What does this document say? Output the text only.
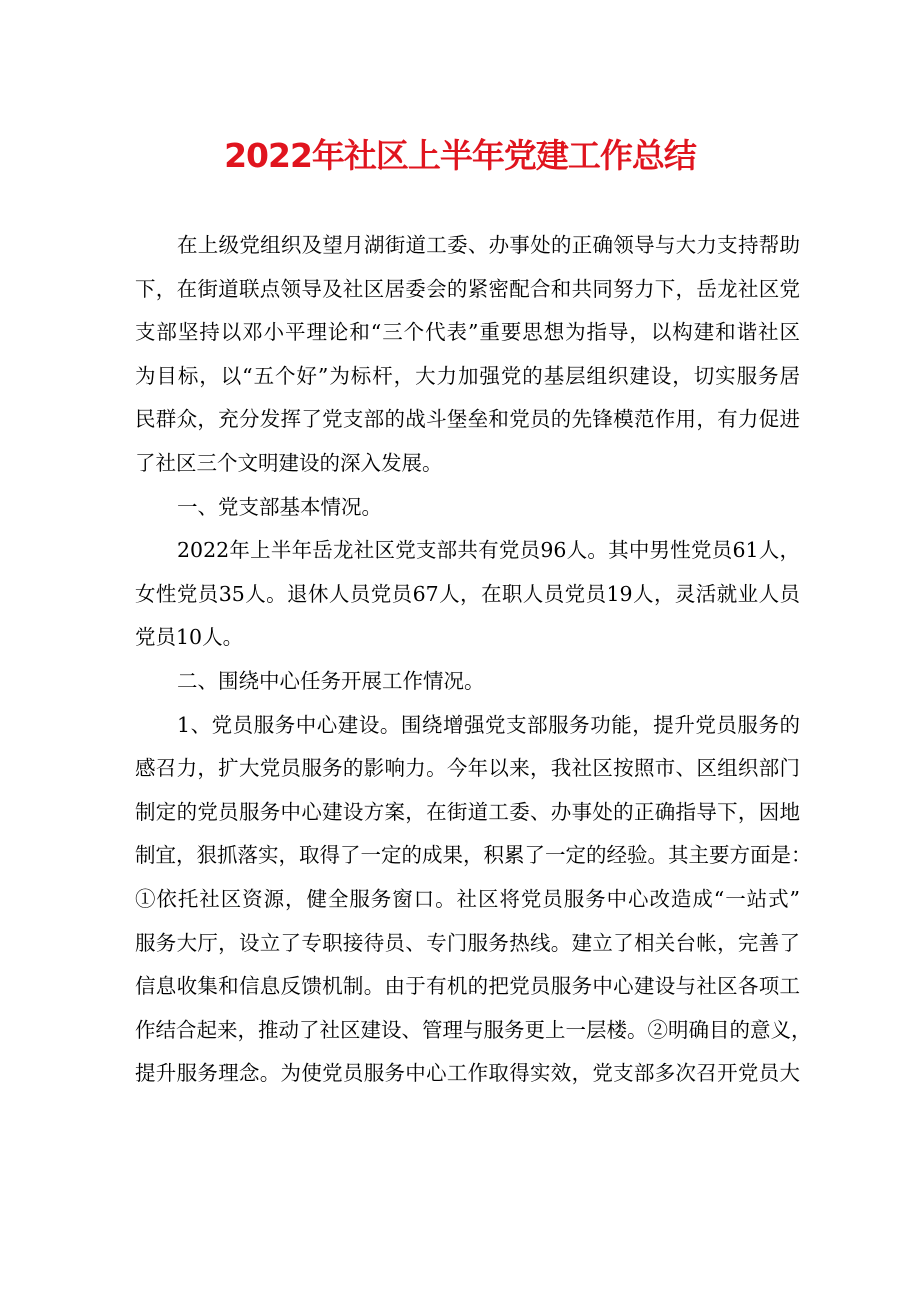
2022年社区上半年党建工作总结

在上级党组织及望月湖街道工委、办事处的正确领导与大力支持帮助
下，在街道联点领导及社区居委会的紧密配合和共同努力下，岳龙社区党
支部坚持以邓小平理论和“三个代表”重要思想为指导，以构建和谐社区
为目标，以“五个好”为标杆，大力加强党的基层组织建设，切实服务居
民群众，充分发挥了党支部的战斗堡垒和党员的先锋模范作用，有力促进
了社区三个文明建设的深入发展。

一、党支部基本情况。

2022年上半年岳龙社区党支部共有党员96人。其中男性党员61人，
女性党员35人。退休人员党员67人，在职人员党员19人，灵活就业人员
党员10人。

二、围绕中心任务开展工作情况。

1、党员服务中心建设。围绕增强党支部服务功能，提升党员服务的
感召力，扩大党员服务的影响力。今年以来，我社区按照市、区组织部门
制定的党员服务中心建设方案，在街道工委、办事处的正确指导下，因地
制宜，狠抓落实，取得了一定的成果，积累了一定的经验。其主要方面是：
①依托社区资源，健全服务窗口。社区将党员服务中心改造成“一站式”
服务大厅，设立了专职接待员、专门服务热线。建立了相关台帐，完善了
信息收集和信息反馈机制。由于有机的把党员服务中心建设与社区各项工
作结合起来，推动了社区建设、管理与服务更上一层楼。②明确目的意义，
提升服务理念。为使党员服务中心工作取得实效，党支部多次召开党员大
